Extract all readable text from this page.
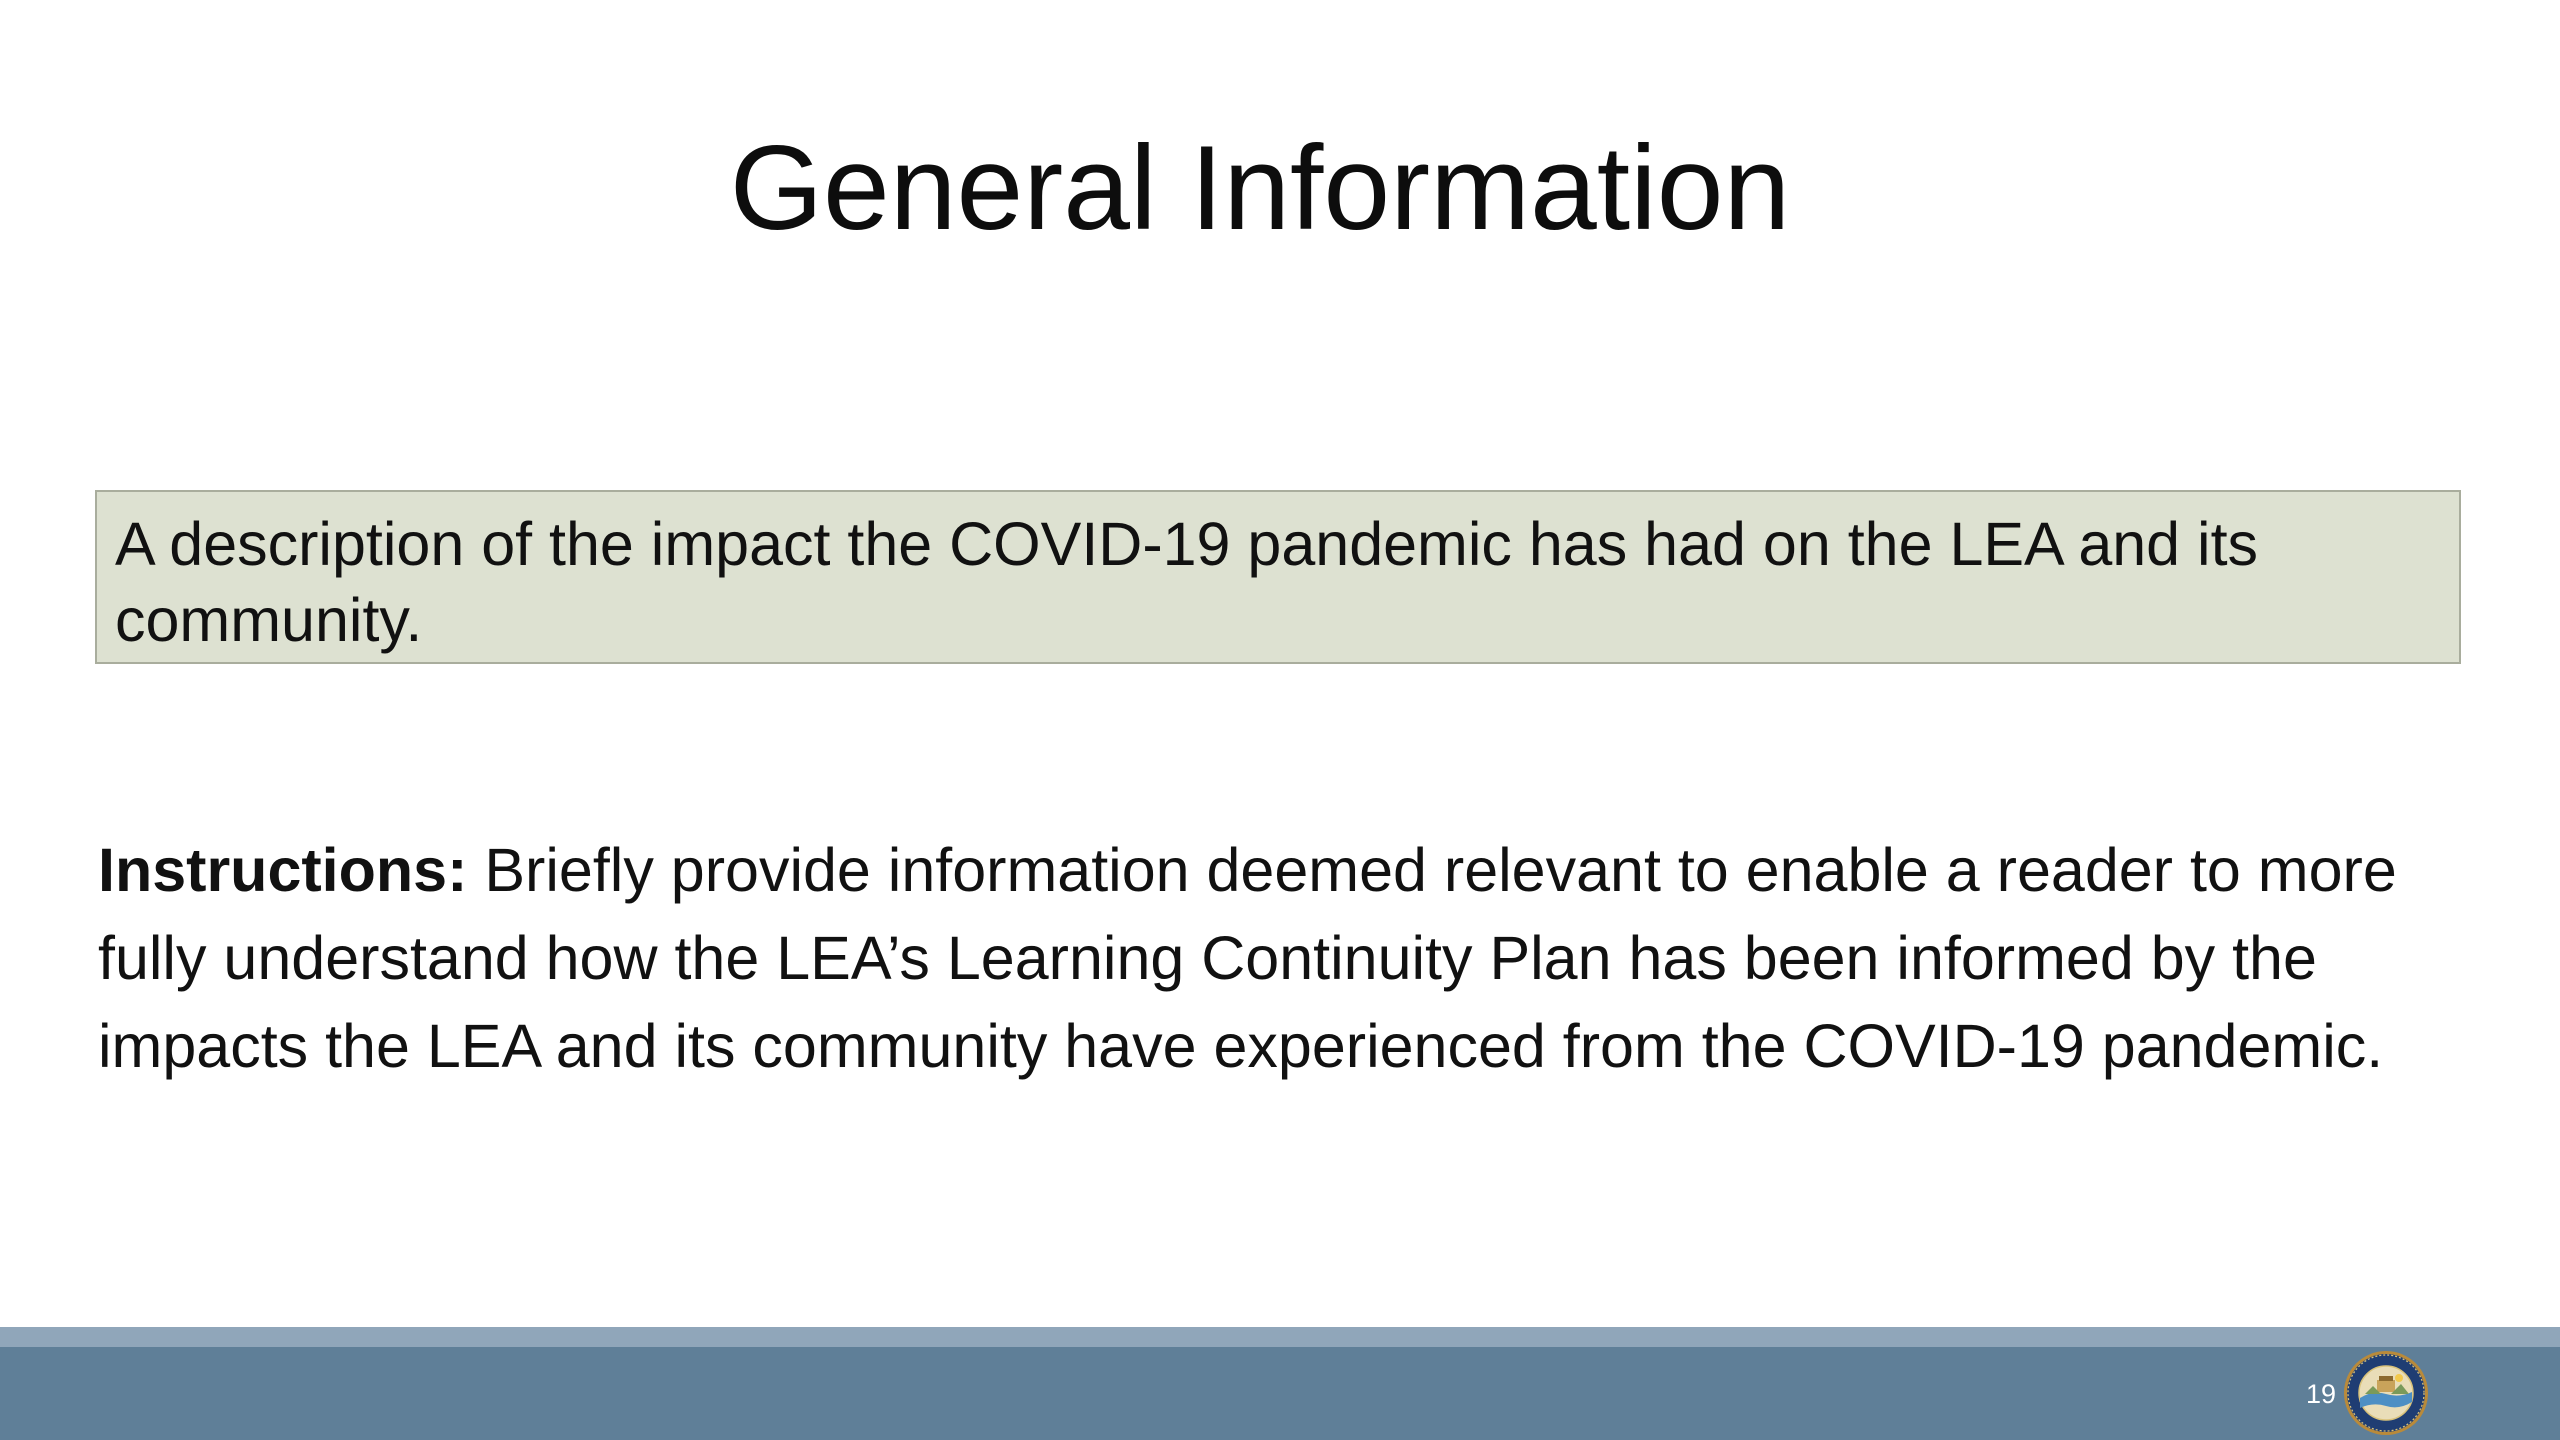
General Information
A description of the impact the COVID-19 pandemic has had on the LEA and its community.

Instructions: Briefly provide information deemed relevant to enable a reader to more fully understand how the LEA’s Learning Continuity Plan has been informed by the impacts the LEA and its community have experienced from the COVID-19 pandemic.

19
